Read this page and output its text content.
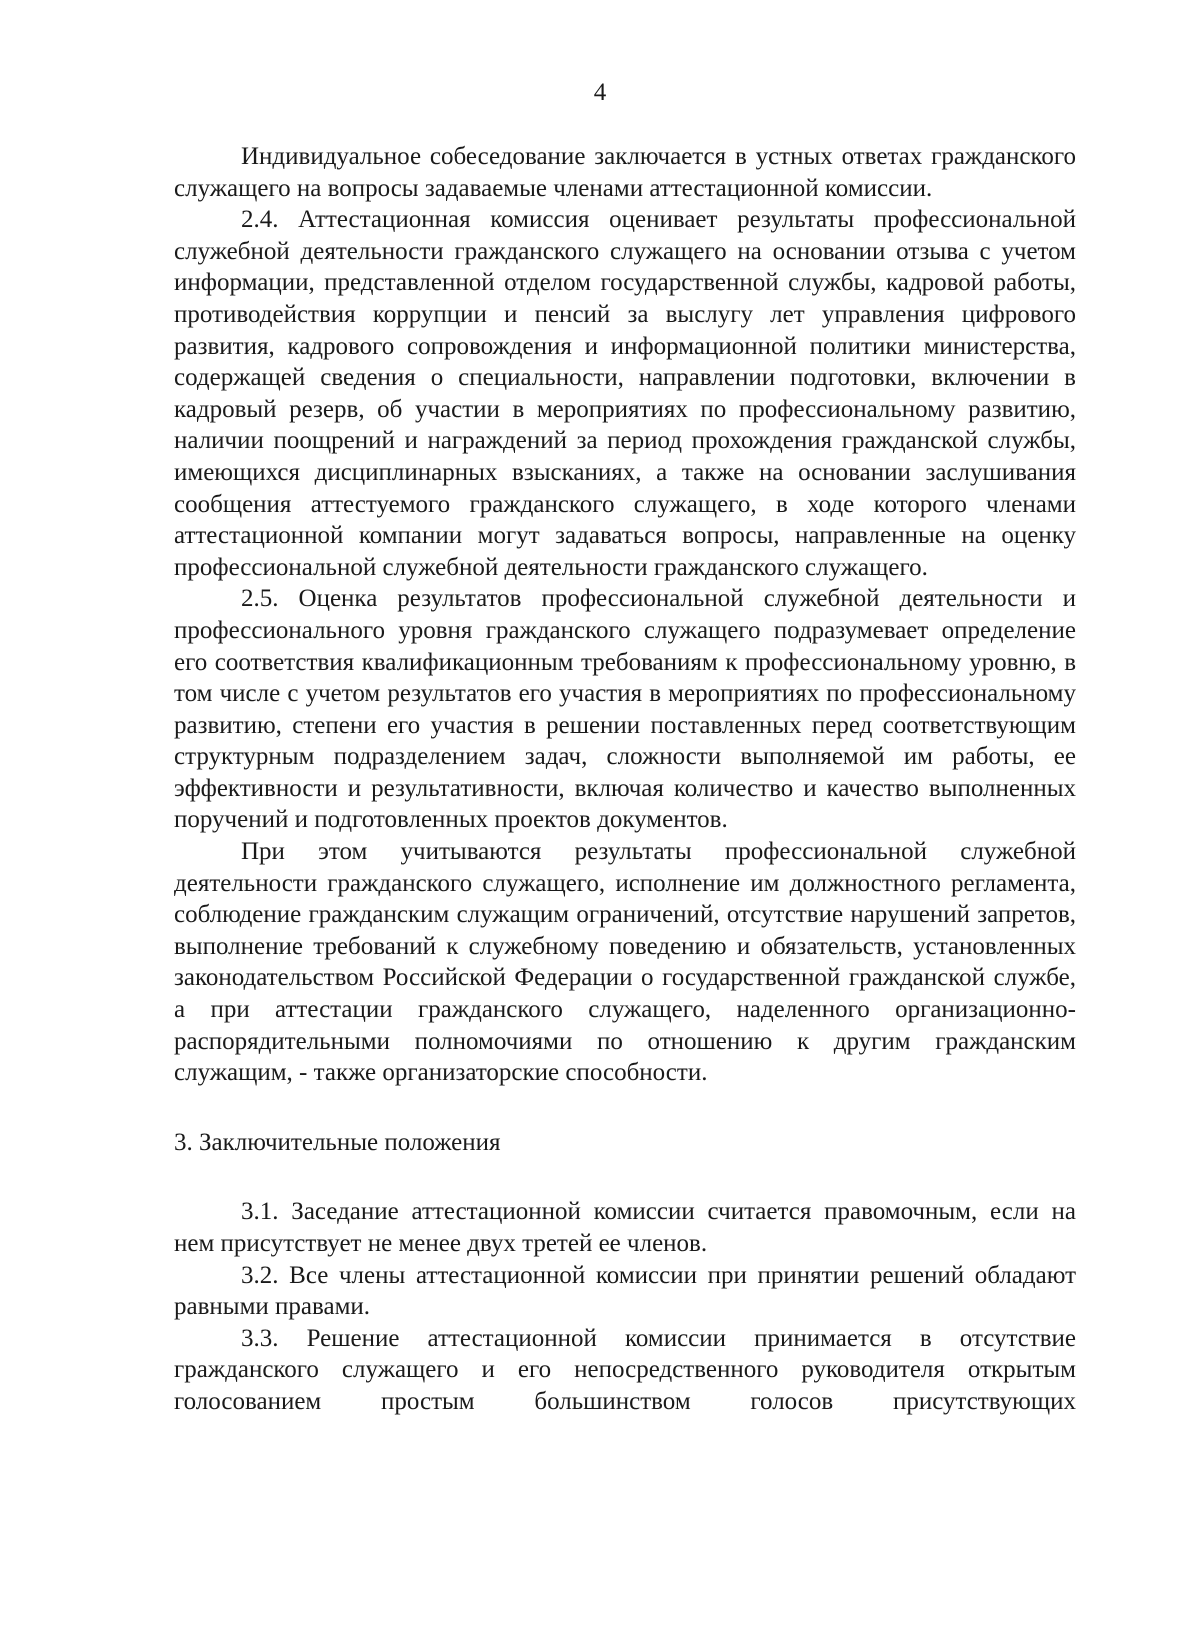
4

Индивидуальное собеседование заключается в устных ответах гражданского служащего на вопросы задаваемые членами аттестационной комиссии.

2.4. Аттестационная комиссия оценивает результаты профессиональной служебной деятельности гражданского служащего на основании отзыва с учетом информации, представленной отделом государственной службы, кадровой работы, противодействия коррупции и пенсий за выслугу лет управления цифрового развития, кадрового сопровождения и информационной политики министерства, содержащей сведения о специальности, направлении подготовки, включении в кадровый резерв, об участии в мероприятиях по профессиональному развитию, наличии поощрений и награждений за период прохождения гражданской службы, имеющихся дисциплинарных взысканиях, а также на основании заслушивания сообщения аттестуемого гражданского служащего, в ходе которого членами аттестационной компании могут задаваться вопросы, направленные на оценку профессиональной служебной деятельности гражданского служащего.

2.5. Оценка результатов профессиональной служебной деятельности и профессионального уровня гражданского служащего подразумевает определение его соответствия квалификационным требованиям к профессиональному уровню, в том числе с учетом результатов его участия в мероприятиях по профессиональному развитию, степени его участия в решении поставленных перед соответствующим структурным подразделением задач, сложности выполняемой им работы, ее эффективности и результативности, включая количество и качество выполненных поручений и подготовленных проектов документов.

При этом учитываются результаты профессиональной служебной деятельности гражданского служащего, исполнение им должностного регламента, соблюдение гражданским служащим ограничений, отсутствие нарушений запретов, выполнение требований к служебному поведению и обязательств, установленных законодательством Российской Федерации о государственной гражданской службе, а при аттестации гражданского служащего, наделенного организационно-распорядительными полномочиями по отношению к другим гражданским служащим, - также организаторские способности.

3. Заключительные положения

3.1. Заседание аттестационной комиссии считается правомочным, если на нем присутствует не менее двух третей ее членов.

3.2. Все члены аттестационной комиссии при принятии решений обладают равными правами.

3.3. Решение аттестационной комиссии принимается в отсутствие гражданского служащего и его непосредственного руководителя открытым голосованием простым большинством голосов присутствующих
